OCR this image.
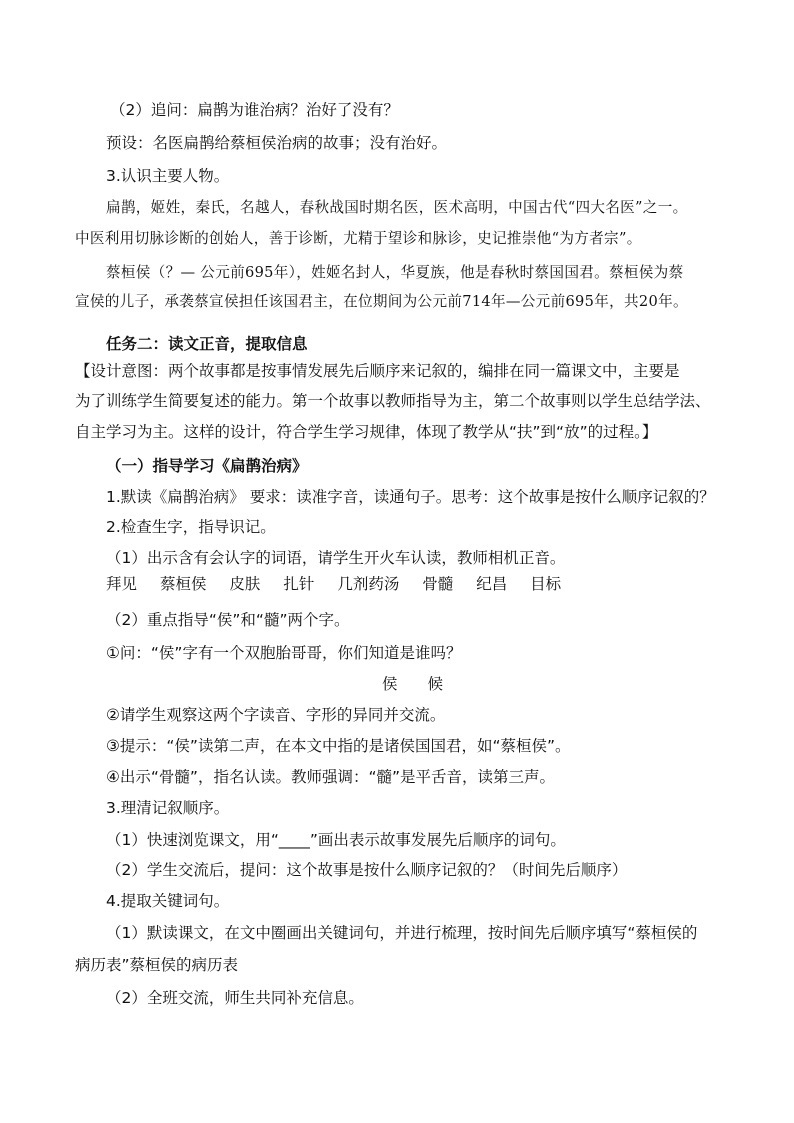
（2）追问：扁鹊为谁治病？治好了没有？
预设：名医扁鹊给蔡桓侯治病的故事；没有治好。
3.认识主要人物。
扁鹊，姬姓，秦氏，名越人，春秋战国时期名医，医术高明，中国古代“四大名医”之一。
中医利用切脉诊断的创始人，善于诊断，尤精于望诊和脉诊，史记推崇他“为方者宗”。
蔡桓侯（？— 公元前695年），姓姬名封人，华夏族，他是春秋时蔡国国君。蔡桓侯为蔡
宣侯的儿子，承袭蔡宣侯担任该国君主，在位期间为公元前714年—公元前695年，共20年。
任务二：读文正音，提取信息
【设计意图：两个故事都是按事情发展先后顺序来记叙的，编排在同一篇课文中，主要是
为了训练学生简要复述的能力。第一个故事以教师指导为主，第二个故事则以学生总结学法、
自主学习为主。这样的设计，符合学生学习规律，体现了教学从“扶”到“放”的过程。】
（一）指导学习《扁鹊治病》
1.默读《扁鹊治病》 要求：读准字音，读通句子。思考：这个故事是按什么顺序记叙的？
2.检查生字，指导识记。
（1）出示含有会认字的词语，请学生开火车认读，教师相机正音。
拜见 蔡桓侯 皮肤 扎针 几剂药汤 骨髓 纪昌 目标
（2）重点指导“侯”和“髓”两个字。
①问：“侯”字有一个双胞胎哥哥，你们知道是谁吗？
侯 候
②请学生观察这两个字读音、字形的异同并交流。
③提示：“侯”读第二声，在本文中指的是诸侯国国君，如“蔡桓侯”。
④出示“骨髓”，指名认读。教师强调：“髓”是平舌音，读第三声。
3.理清记叙顺序。
（1）快速浏览课文，用“____”画出表示故事发展先后顺序的词句。
（2）学生交流后，提问：这个故事是按什么顺序记叙的？（时间先后顺序）
4.提取关键词句。
（1）默读课文，在文中圈画出关键词句，并进行梳理，按时间先后顺序填写“蔡桓侯的
病历表”蔡桓侯的病历表
（2）全班交流，师生共同补充信息。
